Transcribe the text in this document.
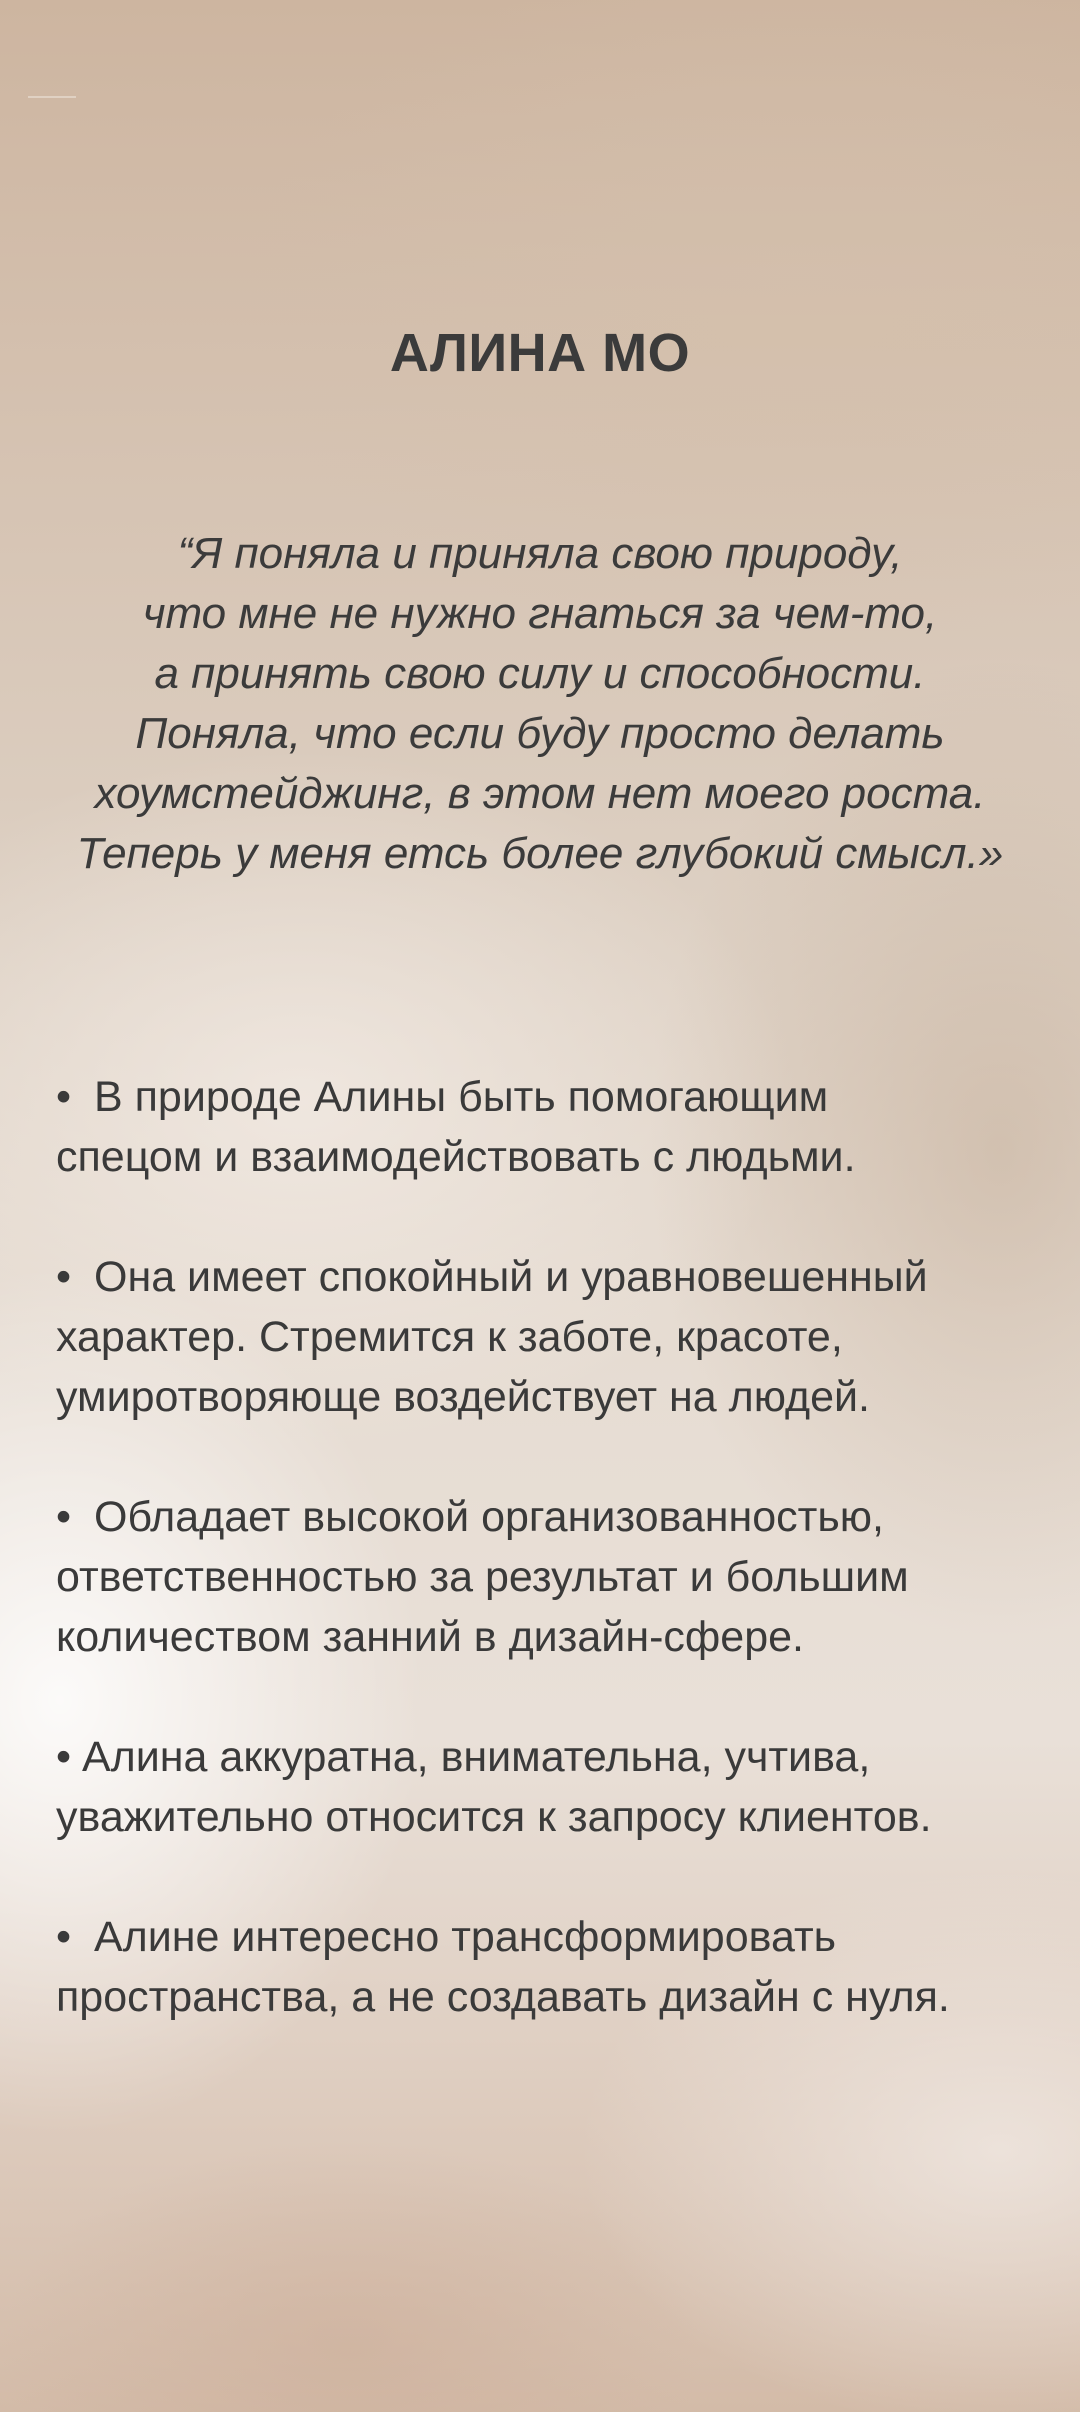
АЛИНА МО
“Я поняла и приняла свою природу,
что мне не нужно гнаться за чем-то,
а принять свою силу и способности.
Поняла, что если буду просто делать
хоумстейджинг, в этом нет моего роста.
Теперь у меня етсь более глубокий смысл.»
• В природе Алины быть помогающим
спецом и взаимодействовать с людьми.
• Она имеет спокойный и уравновешенный
характер. Стремится к заботе, красоте,
умиротворяюще воздействует на людей.
• Обладает высокой организованностью,
ответственностью за результат и большим
количеством занний в дизайн-сфере.
• Алина аккуратна, внимательна, учтива,
уважительно относится к запросу клиентов.
• Алине интересно трансформировать
пространства, а не создавать дизайн с нуля.
